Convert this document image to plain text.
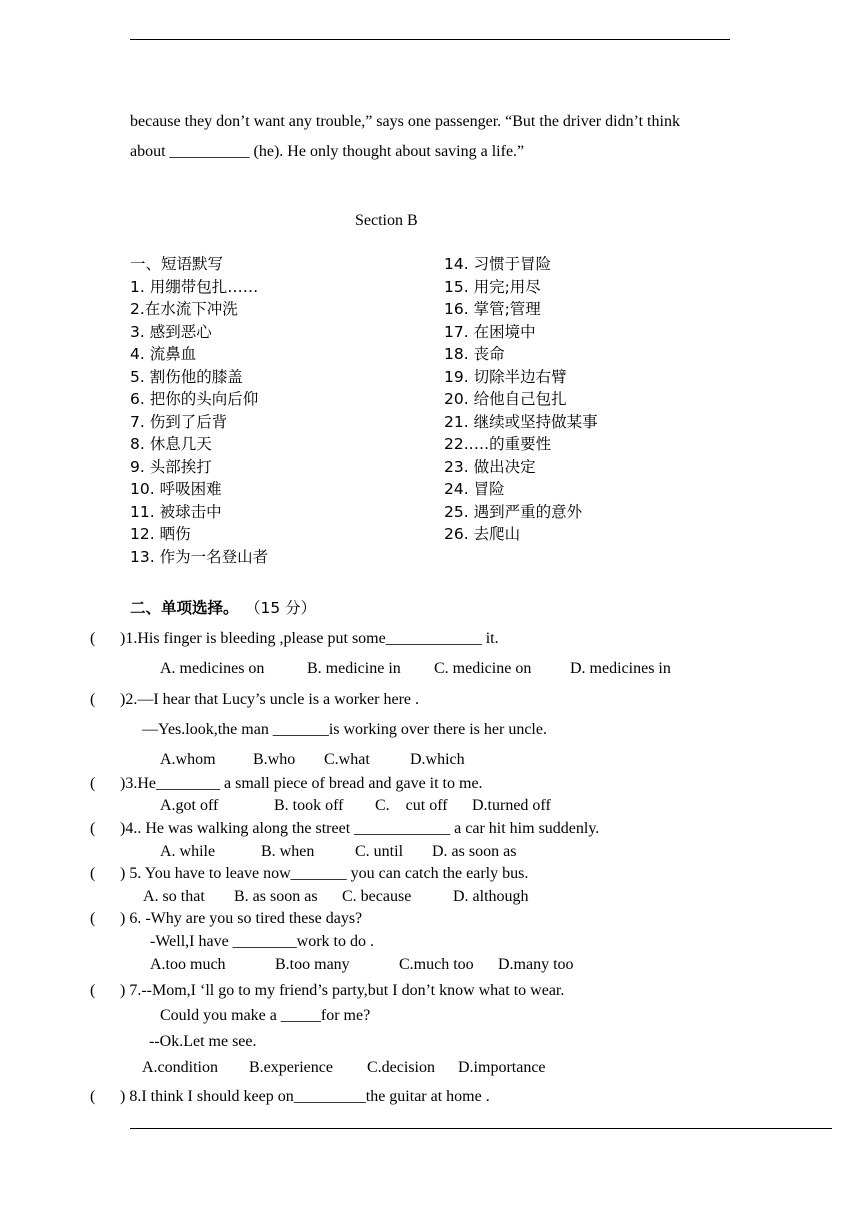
because they don’t want any trouble,” says one passenger. “But the driver didn’t think
about __________ (he). He only thought about saving a life.”
Section B
一、短语默写
1. 用绷带包扎……
2.在水流下冲洗
3. 感到恶心
4. 流鼻血
5. 割伤他的膝盖
6. 把你的头向后仰
7. 伤到了后背
8. 休息几天
9. 头部挨打
10. 呼吸困难
11. 被球击中
12. 晒伤
13. 作为一名登山者
14. 习惯于冒险
15. 用完;用尽
16. 掌管;管理
17. 在困境中
18. 丧命
19. 切除半边右臂
20. 给他自己包扎
21. 继续或坚持做某事
22.….的重要性
23. 做出决定
24. 冒险
25. 遇到严重的意外
26. 去爬山
二、单项选择。 （15 分）
( )1.His finger is bleeding ,please put some____________ it.
A. medicines on	B. medicine in C. medicine on D. medicines in
( )2.—I hear that Lucy’s uncle is a worker here .
—Yes.look,the man _______is working over there is her uncle.
A.whom B.who C.what	D.which
( )3.He________ a small piece of bread and gave it to me.
A.got off	B. took off C.    cut off D.turned off
( )4.. He was walking along the street ____________ a car hit him suddenly.
A. while	B. when	C. until D. as soon as
( ) 5. You have to leave now_______ you can catch the early bus.
A. so that B. as soon as C. because	D. although
( ) 6. -Why are you so tired these days?
-Well,I have ________work to do .
A.too much	B.too many	C.much too D.many too
( ) 7.--Mom,I ‘ll go to my friend’s party,but I don’t know what to wear.
Could you make a _____for me?
--Ok.Let me see.
A.condition B.experience C.decision D.importance
( ) 8.I think I should keep on_________the guitar at home .
